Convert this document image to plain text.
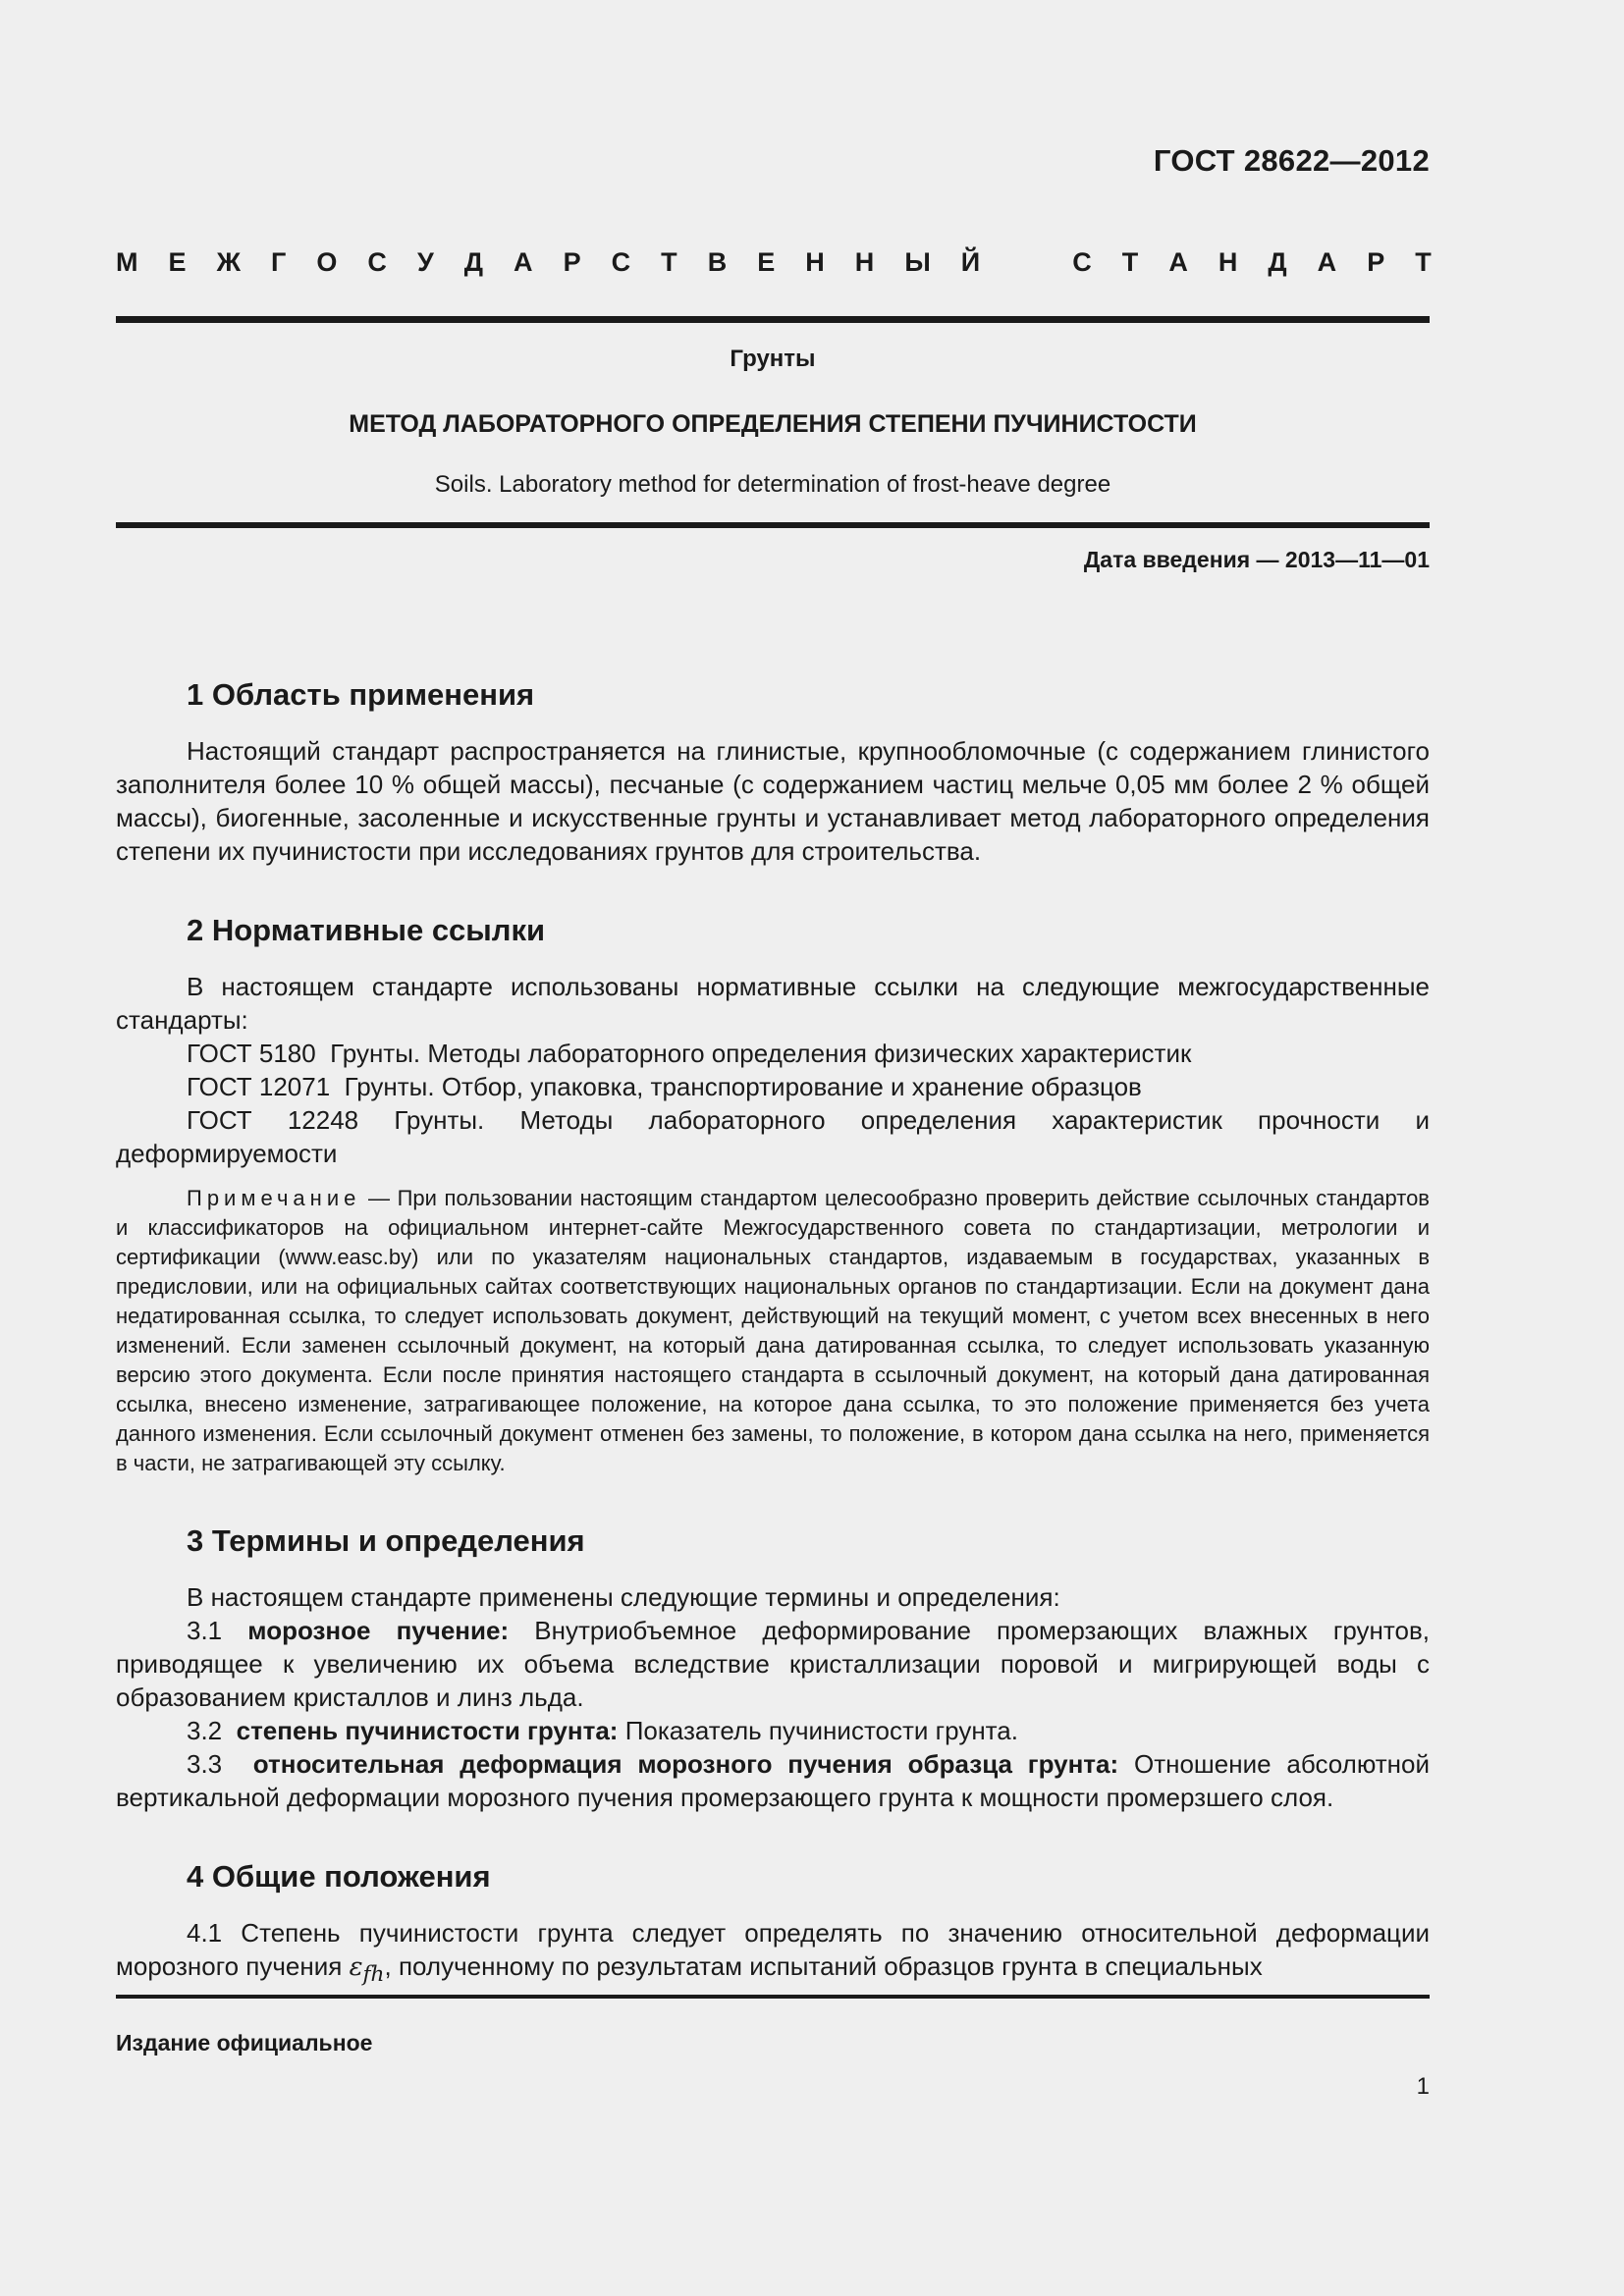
ГОСТ 28622—2012
М Е Ж Г О С У Д А Р С Т В Е Н Н Ы Й	С Т А Н Д А Р Т
Грунты
МЕТОД ЛАБОРАТОРНОГО ОПРЕДЕЛЕНИЯ СТЕПЕНИ ПУЧИНИСТОСТИ
Soils. Laboratory method for determination of frost-heave degree
Дата введения — 2013—11—01
1 Область применения

Настоящий стандарт распространяется на глинистые, крупнообломочные (с содержанием глинистого заполнителя более 10 % общей массы), песчаные (с содержанием частиц мельче 0,05 мм более 2 % общей массы), биогенные, засоленные и искусственные грунты и устанавливает метод лабораторного определения степени их пучинистости при исследованиях грунтов для строительства.

2 Нормативные ссылки

В настоящем стандарте использованы нормативные ссылки на следующие межгосударственные стандарты:

ГОСТ 5180 Грунты. Методы лабораторного определения физических характеристик
ГОСТ 12071 Грунты. Отбор, упаковка, транспортирование и хранение образцов

ГОСТ 12248 Грунты. Методы лабораторного определения характеристик прочности и деформируемости

Примечание — При пользовании настоящим стандартом целесообразно проверить действие ссылочных стандартов и классификаторов на официальном интернет-сайте Межгосударственного совета по стандартизации, метрологии и сертификации (www.easc.by) или по указателям национальных стандартов, издаваемым в государствах, указанных в предисловии, или на официальных сайтах соответствующих национальных органов по стандартизации. Если на документ дана недатированная ссылка, то следует использовать документ, действующий на текущий момент, с учетом всех внесенных в него изменений. Если заменен ссылочный документ, на который дана датированная ссылка, то следует использовать указанную версию этого документа. Если после принятия настоящего стандарта в ссылочный документ, на который дана датированная ссылка, внесено изменение, затрагивающее положение, на которое дана ссылка, то это положение применяется без учета данного изменения. Если ссылочный документ отменен без замены, то положение, в котором дана ссылка на него, применяется в части, не затрагивающей эту ссылку.
3 Термины и определения

В настоящем стандарте применены следующие термины и определения:

3.1 морозное пучение: Внутриобъемное деформирование промерзающих влажных грунтов, приводящее к увеличению их объема вследствие кристаллизации поровой и мигрирующей воды с образованием кристаллов и линз льда.

3.2 степень пучинистости грунта: Показатель пучинистости грунта.

3.3 относительная деформация морозного пучения образца грунта: Отношение абсолютной вертикальной деформации морозного пучения промерзающего грунта к мощности промерзшего слоя.

4 Общие положения

4.1 Степень пучинистости грунта следует определять по значению относительной деформации морозного пучения $\varepsilon_{fh}$, полученному по результатам испытаний образцов грунта в специальных

Издание официальное
1
